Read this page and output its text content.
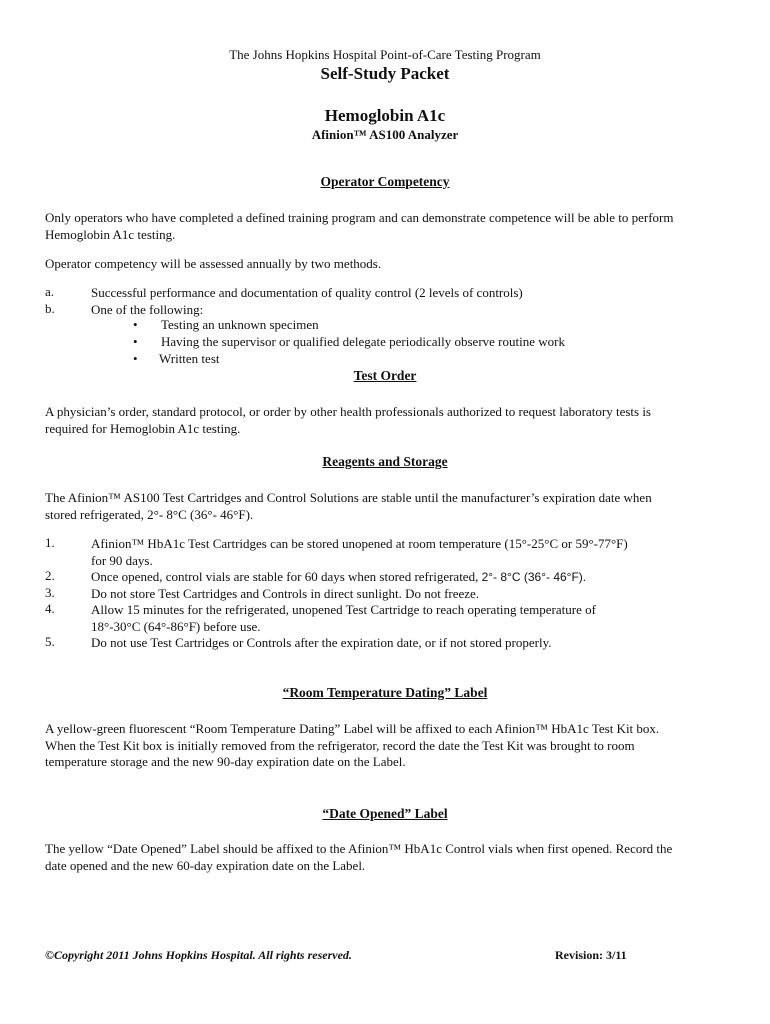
The Johns Hopkins Hospital Point-of-Care Testing Program
Self-Study Packet
Hemoglobin A1c
Afinion™ AS100 Analyzer
Operator Competency
Only operators who have completed a defined training program and can demonstrate competence will be able to perform
Hemoglobin A1c testing.
Operator competency will be assessed annually by two methods.
a.	Successful performance and documentation of quality control (2 levels of controls)
b.	One of the following:
• Testing an unknown specimen
• Having the supervisor or qualified delegate periodically observe routine work
• Written test
Test Order
A physician’s order, standard protocol, or order by other health professionals authorized to request laboratory tests is
required for Hemoglobin A1c testing.
Reagents and Storage
The Afinion™ AS100 Test Cartridges and Control Solutions are stable until the manufacturer’s expiration date when
stored refrigerated, 2°- 8°C (36°- 46°F).
1.	Afinion™ HbA1c Test Cartridges can be stored unopened at room temperature (15°-25°C or 59°-77°F)
for 90 days.
2.	Once opened, control vials are stable for 60 days when stored refrigerated, 2°- 8°C (36°- 46°F).
3.	Do not store Test Cartridges and Controls in direct sunlight. Do not freeze.
4.	Allow 15 minutes for the refrigerated, unopened Test Cartridge to reach operating temperature of
18°-30°C (64°-86°F) before use.
5.	Do not use Test Cartridges or Controls after the expiration date, or if not stored properly.
“Room Temperature Dating” Label
A yellow-green fluorescent “Room Temperature Dating” Label will be affixed to each Afinion™ HbA1c Test Kit box.
When the Test Kit box is initially removed from the refrigerator, record the date the Test Kit was brought to room
temperature storage and the new 90-day expiration date on the Label.
“Date Opened” Label
The yellow “Date Opened” Label should be affixed to the Afinion™ HbA1c Control vials when first opened. Record the
date opened and the new 60-day expiration date on the Label.
©Copyright 2011 Johns Hopkins Hospital. All rights reserved.	Revision: 3/11
